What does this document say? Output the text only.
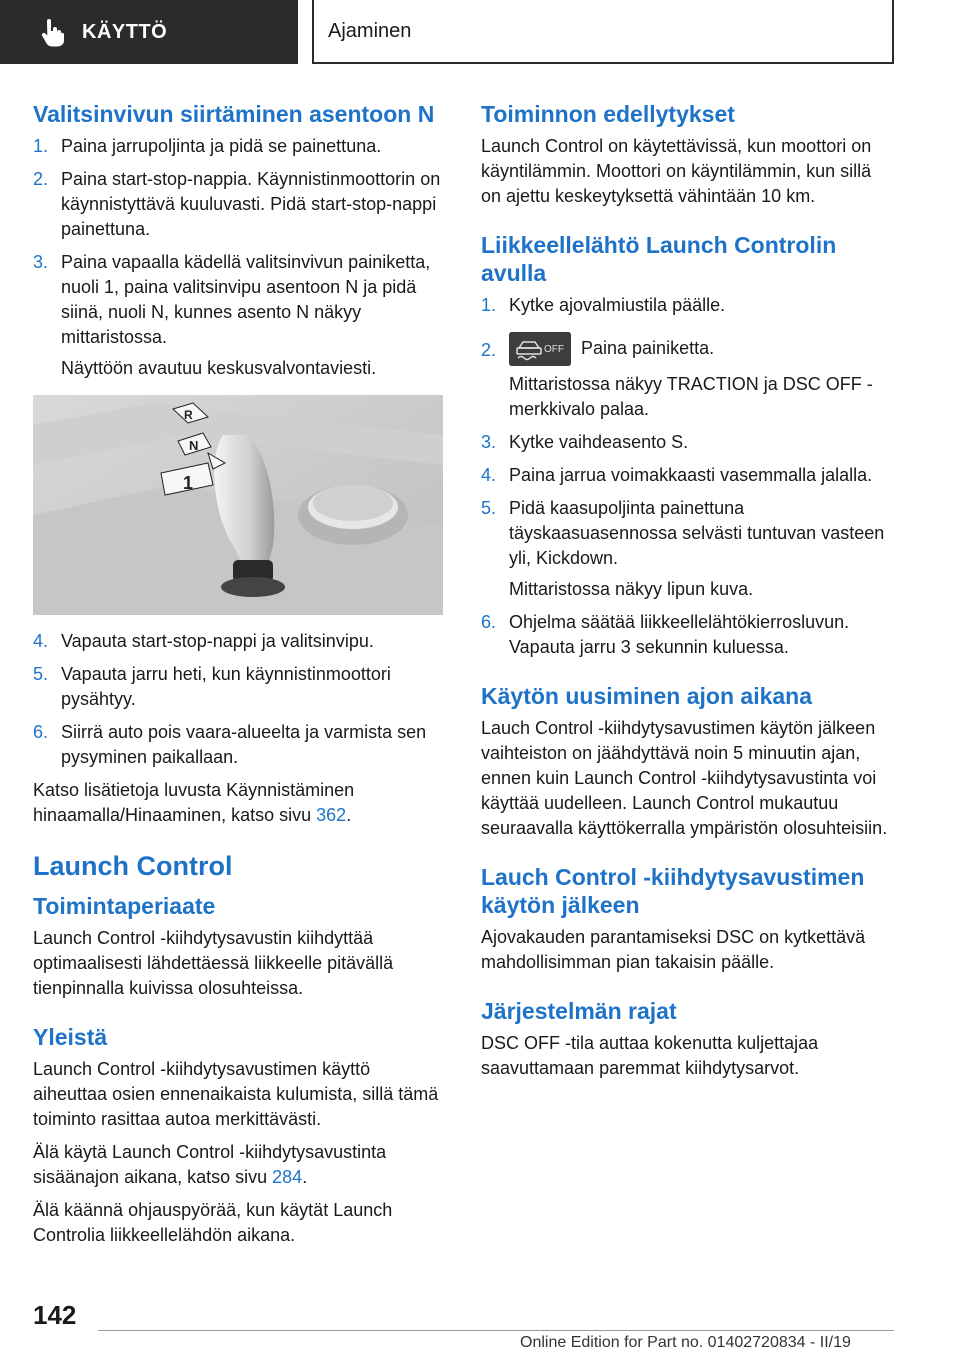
KÄYTTÖ	Ajaminen
Valitsinvivun siirtäminen asentoon N
1. Paina jarrupoljinta ja pidä se painettuna.
2. Paina start-stop-nappia. Käynnistinmoottorin on käynnistyttävä kuuluvasti. Pidä start-stop-nappi painettuna.
3. Paina vapaalla kädellä valitsinvivun painiketta, nuoli 1, paina valitsinvipu asentoon N ja pidä siinä, nuoli N, kunnes asento N näkyy mittaristossa.
Näyttöön avautuu keskusvalvontaviesti.
R
N
1
4. Vapauta start-stop-nappi ja valitsinvipu.
5. Vapauta jarru heti, kun käynnistinmoottori pysähtyy.
6. Siirrä auto pois vaara-alueelta ja varmista sen pysyminen paikallaan.

Katso lisätietoja luvusta Käynnistäminen hinaamalla/Hinaaminen, katso sivu 362.

Launch Control
Toimintaperiaate

Launch Control -kiihdytysavustin kiihdyttää optimaalisesti lähdettäessä liikkeelle pitävällä tienpinnalla kuivissa olosuhteissa.

Yleistä

Launch Control -kiihdytysavustimen käyttö aiheuttaa osien ennenaikaista kulumista, sillä tämä toiminto rasittaa autoa merkittävästi.

Älä käytä Launch Control -kiihdytysavustinta sisäänajon aikana, katso sivu 284.

Älä käännä ohjauspyörää, kun käytät Launch Controlia liikkeellelähdön aikana.

Toiminnon edellytykset

Launch Control on käytettävissä, kun moottori on käyntilämmin. Moottori on käyntilämmin, kun sillä on ajettu keskeytyksettä vähintään 10 km.

Liikkeellelähtö Launch Controlin avulla
1. Kytke ajovalmiustila päälle.
2.	OFF Paina painiketta.
Mittaristossa näkyy TRACTION ja DSC OFF -merkkivalo palaa.
3. Kytke vaihdeasento S.
4. Paina jarrua voimakkaasti vasemmalla jalalla.
5. Pidä kaasupoljinta painettuna täyskaasuasennossa selvästi tuntuvan vasteen yli, Kickdown.
Mittaristossa näkyy lipun kuva.
6. Ohjelma säätää liikkeellelähtökierrosluvun. Vapauta jarru 3 sekunnin kuluessa.
Käytön uusiminen ajon aikana

Lauch Control -kiihdytysavustimen käytön jälkeen vaihteiston on jäähdyttävä noin 5 minuutin ajan, ennen kuin Launch Control -kiihdytysavustinta voi käyttää uudelleen. Launch Control mukautuu seuraavalla käyttökerralla ympäristön olosuhteisiin.

Lauch Control -kiihdytysavustimen käytön jälkeen

Ajovakauden parantamiseksi DSC on kytkettävä mahdollisimman pian takaisin päälle.

Järjestelmän rajat

DSC OFF -tila auttaa kokenutta kuljettajaa saavuttamaan paremmat kiihdytysarvot.

142
Online Edition for Part no. 01402720834 - II/19
